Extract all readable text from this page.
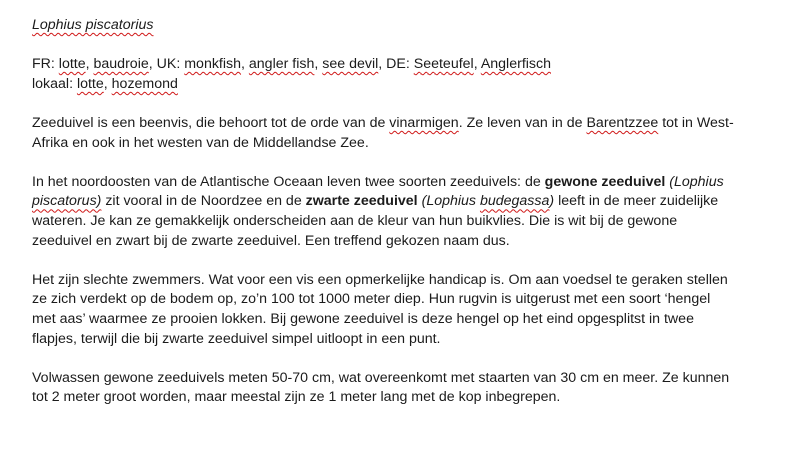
Lophius piscatorius

FR: lotte, baudroie, UK: monkfish, angler fish, see devil, DE: Seeteufel, Anglerfisch
lokaal: lotte, hozemond

Zeeduivel is een beenvis, die behoort tot de orde van de vinarmigen. Ze leven van in de Barentzzee tot in West-
Afrika en ook in het westen van de Middellandse Zee.

In het noordoosten van de Atlantische Oceaan leven twee soorten zeeduivels: de gewone zeeduivel (Lophius
piscatorus) zit vooral in de Noordzee en de zwarte zeeduivel (Lophius budegassa) leeft in de meer zuidelijke
wateren. Je kan ze gemakkelijk onderscheiden aan de kleur van hun buikvlies. Die is wit bij de gewone
zeeduivel en zwart bij de zwarte zeeduivel. Een treffend gekozen naam dus.

Het zijn slechte zwemmers. Wat voor een vis een opmerkelijke handicap is. Om aan voedsel te geraken stellen
ze zich verdekt op de bodem op, zo’n 100 tot 1000 meter diep. Hun rugvin is uitgerust met een soort ‘hengel
met aas’ waarmee ze prooien lokken. Bij gewone zeeduivel is deze hengel op het eind opgesplitst in twee
flapjes, terwijl die bij zwarte zeeduivel simpel uitloopt in een punt.

Volwassen gewone zeeduivels meten 50-70 cm, wat overeenkomt met staarten van 30 cm en meer. Ze kunnen
tot 2 meter groot worden, maar meestal zijn ze 1 meter lang met de kop inbegrepen.
